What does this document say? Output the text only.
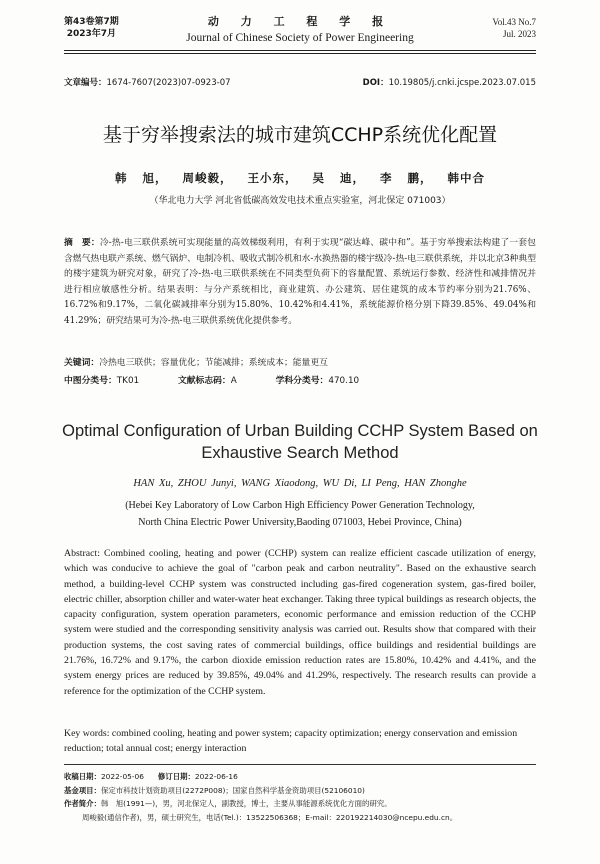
第43卷第7期
2023年7月
动 力 工 程 学 报
Journal of Chinese Society of Power Engineering
Vol.43 No.7
Jul. 2023
文章编号：1674-7607(2023)07-0923-07	DOI：10.19805/j.cnki.jcspe.2023.07.015
基于穷举搜索法的城市建筑CCHP系统优化配置
韩 旭， 周峻毅， 王小东， 吴 迪， 李 鹏， 韩中合
（华北电力大学 河北省低碳高效发电技术重点实验室，河北保定 071003）
摘　要：冷-热-电三联供系统可实现能量的高效梯级利用，有利于实现“碳达峰、碳中和”。基于穷举搜索法构建了一套包含燃气热电联产系统、燃气锅炉、电制冷机、吸收式制冷机和水-水换热器的楼宇级冷-热-电三联供系统，并以北京3种典型的楼宇建筑为研究对象，研究了冷-热-电三联供系统在不同类型负荷下的容量配置、系统运行参数、经济性和减排情况并进行相应敏感性分析。结果表明：与分产系统相比，商业建筑、办公建筑、居住建筑的成本节约率分别为21.76%、16.72%和9.17%，二氧化碳减排率分别为15.80%、10.42%和4.41%，系统能源价格分别下降39.85%、49.04%和41.29%；研究结果可为冷-热-电三联供系统优化提供参考。
关键词：冷热电三联供；容量优化；节能减排；系统成本；能量更互
中图分类号：TK01	文献标志码：A	学科分类号：470.10
Optimal Configuration of Urban Building CCHP System Based on Exhaustive Search Method
HAN Xu, ZHOU Junyi, WANG Xiaodong, WU Di, LI Peng, HAN Zhonghe
(Hebei Key Laboratory of Low Carbon High Efficiency Power Generation Technology,
North China Electric Power University,Baoding 071003, Hebei Province, China)
Abstract: Combined cooling, heating and power (CCHP) system can realize efficient cascade utilization of energy, which was conducive to achieve the goal of "carbon peak and carbon neutrality". Based on the exhaustive search method, a building-level CCHP system was constructed including gas-fired cogeneration system, gas-fired boiler, electric chiller, absorption chiller and water-water heat exchanger. Taking three typical buildings as research objects, the capacity configuration, system operation parameters, economic performance and emission reduction of the CCHP system were studied and the corresponding sensitivity analysis was carried out. Results show that compared with their production systems, the cost saving rates of commercial buildings, office buildings and residential buildings are 21.76%, 16.72% and 9.17%, the carbon dioxide emission reduction rates are 15.80%, 10.42% and 4.41%, and the system energy prices are reduced by 39.85%, 49.04% and 41.29%, respectively. The research results can provide a reference for the optimization of the CCHP system.
Key words: combined cooling, heating and power system; capacity optimization; energy conservation and emission reduction; total annual cost; energy interaction
收稿日期：2022-05-06 修订日期：2022-06-16
基金项目：保定市科技计划资助项目(2272P008)；国家自然科学基金资助项目(52106010)
作者简介：韩　旭(1991—)，男，河北保定人，副教授，博士，主要从事能源系统优化方面的研究。
周峻毅(通信作者)，男，硕士研究生，电话(Tel.)：13522506368；E-mail：220192214030@ncepu.edu.cn。
